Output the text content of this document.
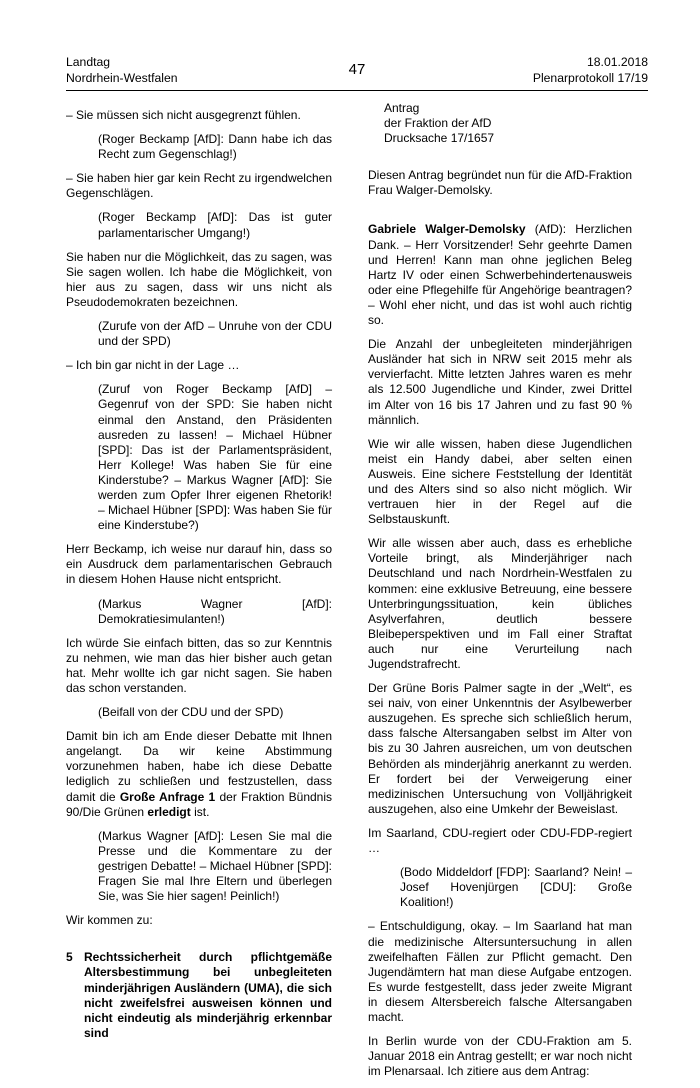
Landtag
Nordrhein-Westfalen	47	18.01.2018
Plenarprotokoll 17/19

– Sie müssen sich nicht ausgegrenzt fühlen.

(Roger Beckamp [AfD]: Dann habe ich das Recht zum Gegenschlag!)

– Sie haben hier gar kein Recht zu irgendwelchen Gegenschlägen.

(Roger Beckamp [AfD]: Das ist guter parlamentarischer Umgang!)

Sie haben nur die Möglichkeit, das zu sagen, was Sie sagen wollen. Ich habe die Möglichkeit, von hier aus zu sagen, dass wir uns nicht als Pseudodemokraten bezeichnen.

(Zurufe von der AfD – Unruhe von der CDU und der SPD)

– Ich bin gar nicht in der Lage …

(Zuruf von Roger Beckamp [AfD] – Gegenruf von der SPD: Sie haben nicht einmal den Anstand, den Präsidenten ausreden zu lassen! – Michael Hübner [SPD]: Das ist der Parlamentspräsident, Herr Kollege! Was haben Sie für eine Kinderstube? – Markus Wagner [AfD]: Sie werden zum Opfer Ihrer eigenen Rhetorik! – Michael Hübner [SPD]: Was haben Sie für eine Kinderstube?)

Herr Beckamp, ich weise nur darauf hin, dass so ein Ausdruck dem parlamentarischen Gebrauch in diesem Hohen Hause nicht entspricht.

(Markus Wagner [AfD]: Demokratiesimulanten!)

Ich würde Sie einfach bitten, das so zur Kenntnis zu nehmen, wie man das hier bisher auch getan hat. Mehr wollte ich gar nicht sagen. Sie haben das schon verstanden.

(Beifall von der CDU und der SPD)

Damit bin ich am Ende dieser Debatte mit Ihnen angelangt. Da wir keine Abstimmung vorzunehmen haben, habe ich diese Debatte lediglich zu schließen und festzustellen, dass damit die Große Anfrage 1 der Fraktion Bündnis 90/Die Grünen erledigt ist.

(Markus Wagner [AfD]: Lesen Sie mal die Presse und die Kommentare zu der gestrigen Debatte! – Michael Hübner [SPD]: Fragen Sie mal Ihre Eltern und überlegen Sie, was Sie hier sagen! Peinlich!)

Wir kommen zu:

5 Rechtssicherheit durch pflichtgemäße Altersbestimmung bei unbegleiteten minderjährigen Ausländern (UMA), die sich nicht zweifelsfrei ausweisen können und nicht eindeutig als minderjährig erkennbar sind

Antrag
der Fraktion der AfD
Drucksache 17/1657

Diesen Antrag begründet nun für die AfD-Fraktion Frau Walger-Demolsky.

Gabriele Walger-Demolsky (AfD): Herzlichen Dank. – Herr Vorsitzender! Sehr geehrte Damen und Herren! Kann man ohne jeglichen Beleg Hartz IV oder einen Schwerbehindertenausweis oder eine Pflegehilfe für Angehörige beantragen? – Wohl eher nicht, und das ist wohl auch richtig so.

Die Anzahl der unbegleiteten minderjährigen Ausländer hat sich in NRW seit 2015 mehr als vervierfacht. Mitte letzten Jahres waren es mehr als 12.500 Jugendliche und Kinder, zwei Drittel im Alter von 16 bis 17 Jahren und zu fast 90 % männlich.

Wie wir alle wissen, haben diese Jugendlichen meist ein Handy dabei, aber selten einen Ausweis. Eine sichere Feststellung der Identität und des Alters sind so also nicht möglich. Wir vertrauen hier in der Regel auf die Selbstauskunft.

Wir alle wissen aber auch, dass es erhebliche Vorteile bringt, als Minderjähriger nach Deutschland und nach Nordrhein-Westfalen zu kommen: eine exklusive Betreuung, eine bessere Unterbringungssituation, kein übliches Asylverfahren, deutlich bessere Bleibeperspektiven und im Fall einer Straftat auch nur eine Verurteilung nach Jugendstrafrecht.

Der Grüne Boris Palmer sagte in der „Welt“, es sei naiv, von einer Unkenntnis der Asylbewerber auszugehen. Es spreche sich schließlich herum, dass falsche Altersangaben selbst im Alter von bis zu 30 Jahren ausreichen, um von deutschen Behörden als minderjährig anerkannt zu werden. Er fordert bei der Verweigerung einer medizinischen Untersuchung von Volljährigkeit auszugehen, also eine Umkehr der Beweislast.

Im Saarland, CDU-regiert oder CDU-FDP-regiert …

(Bodo Middeldorf [FDP]: Saarland? Nein! – Josef Hovenjürgen [CDU]: Große Koalition!)

– Entschuldigung, okay. – Im Saarland hat man die medizinische Altersuntersuchung in allen zweifelhaften Fällen zur Pflicht gemacht. Den Jugendämtern hat man diese Aufgabe entzogen. Es wurde festgestellt, dass jeder zweite Migrant in diesem Altersbereich falsche Altersangaben macht.

In Berlin wurde von der CDU-Fraktion am 5. Januar 2018 ein Antrag gestellt; er war noch nicht im Plenarsaal. Ich zitiere aus dem Antrag:
